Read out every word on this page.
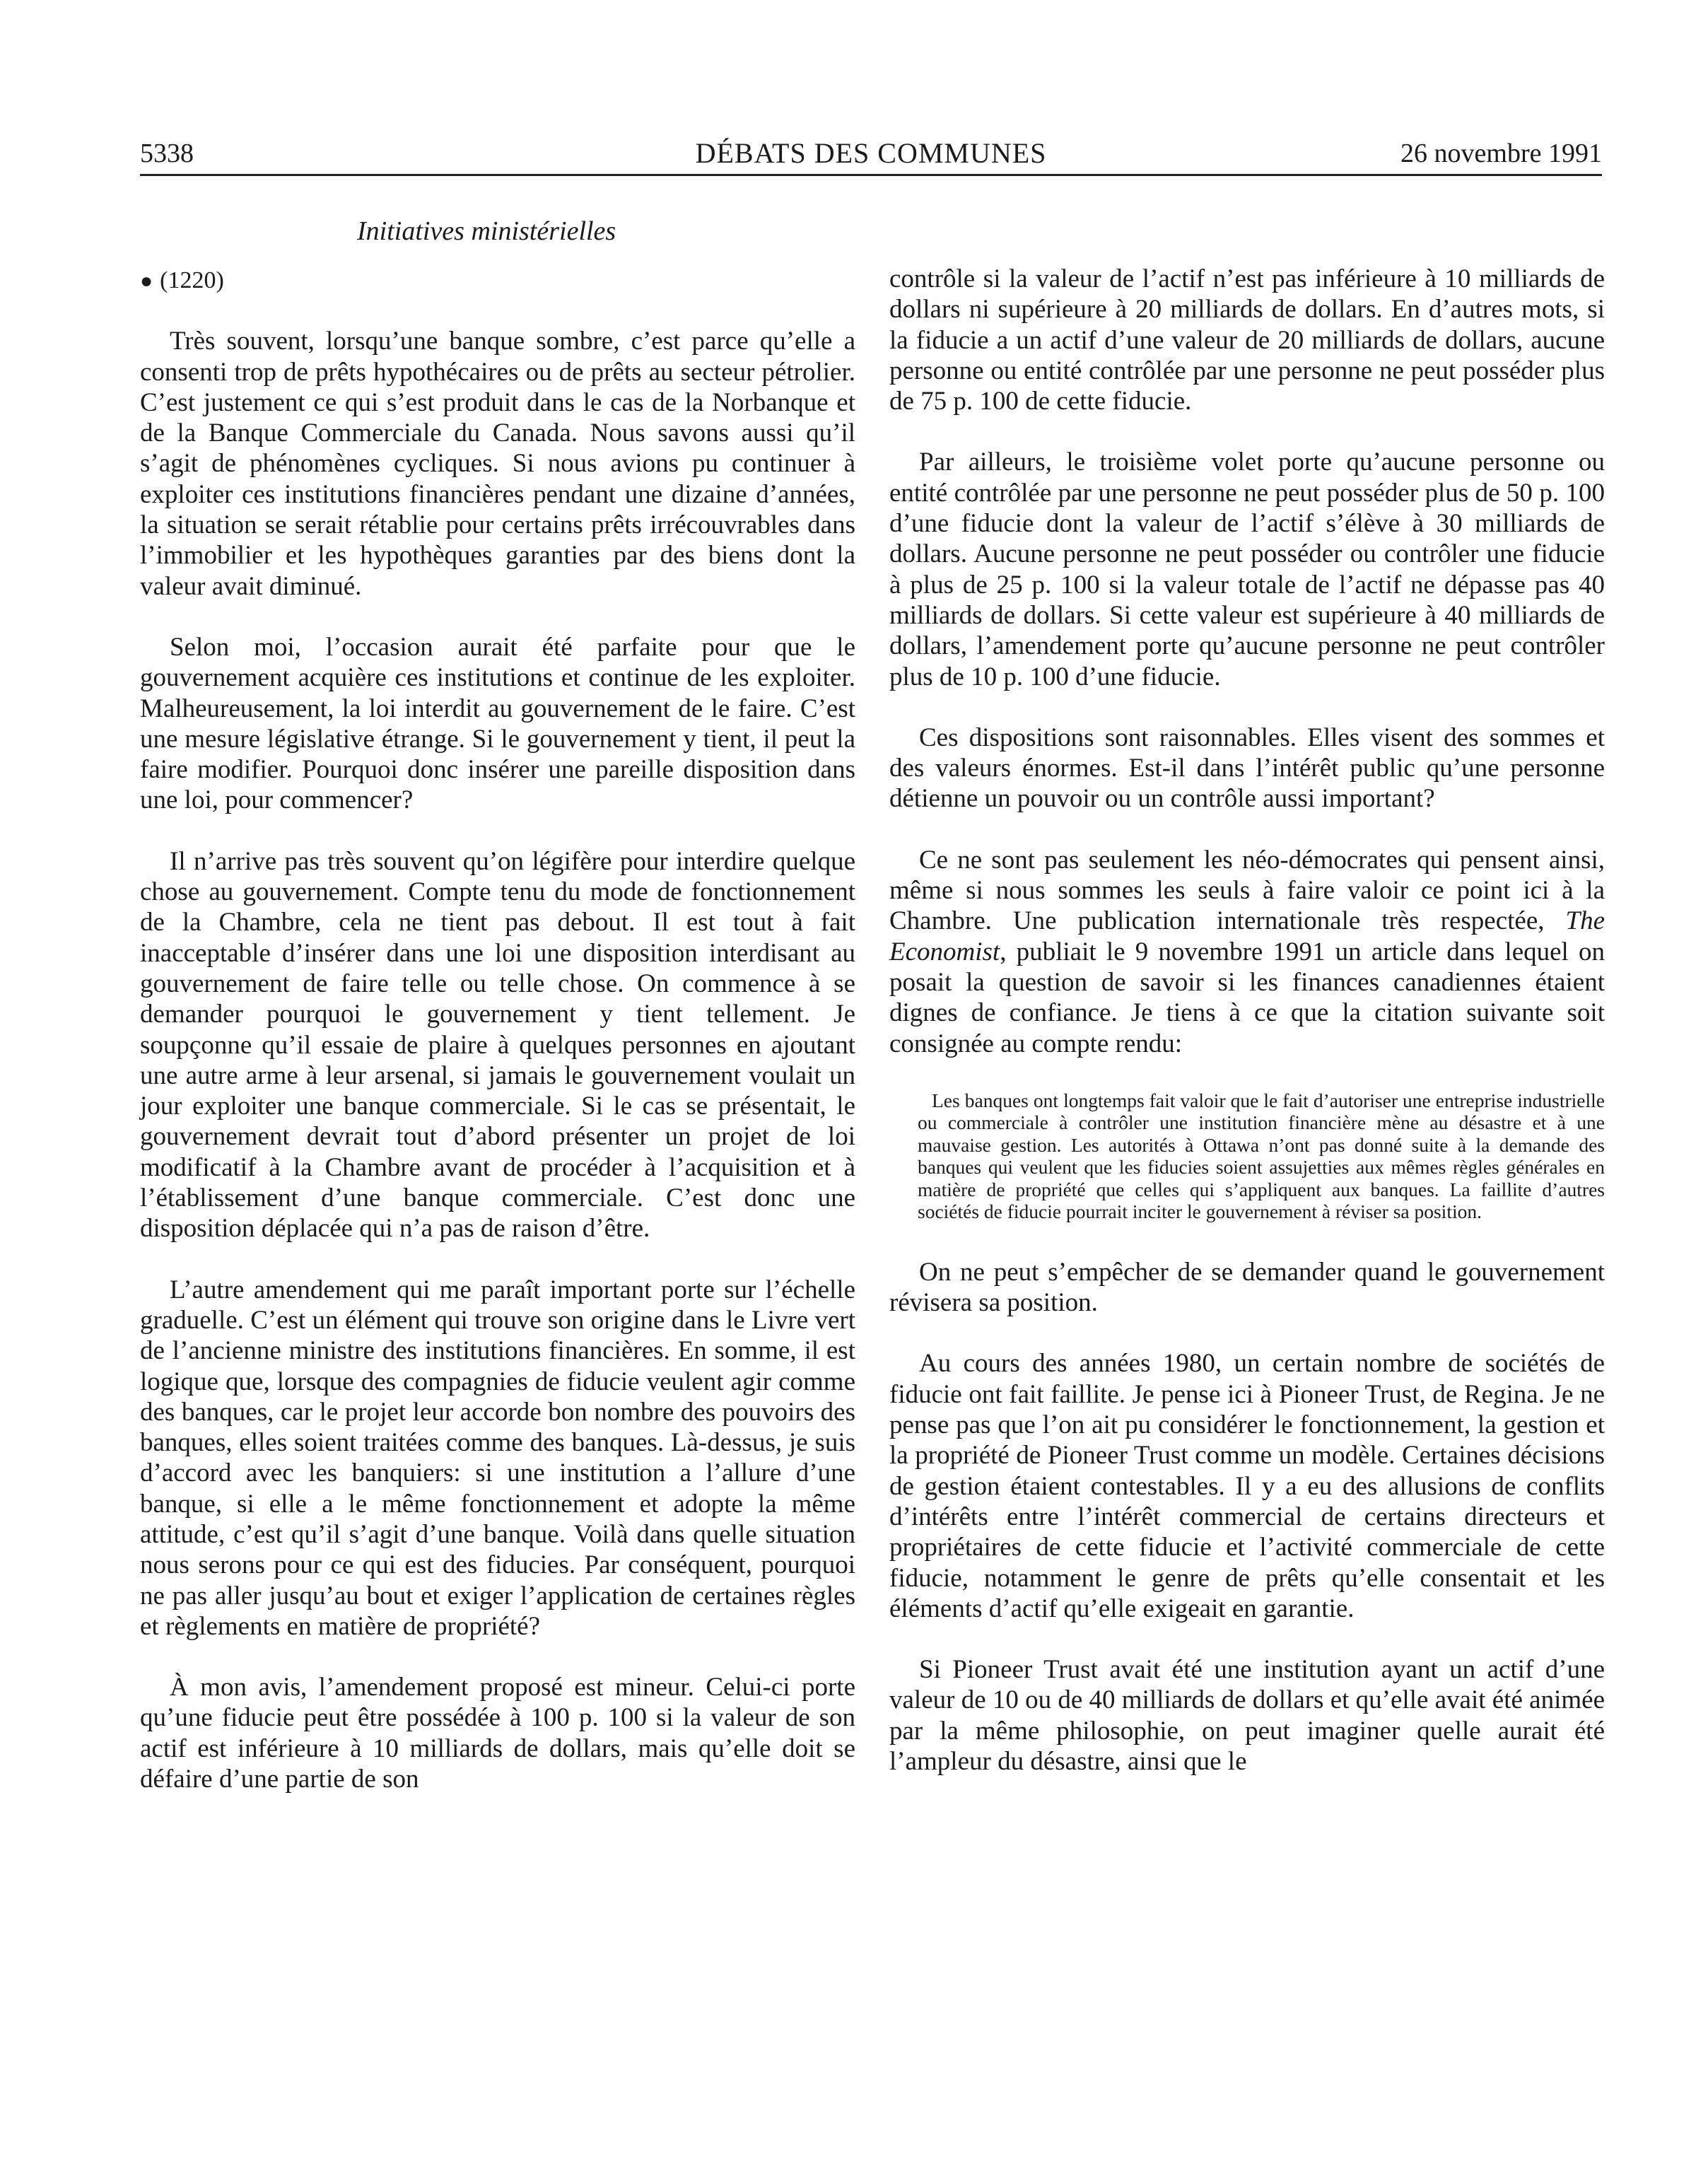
5338	DÉBATS DES COMMUNES	26 novembre 1991
Initiatives ministérielles
● (1220)

Très souvent, lorsqu’une banque sombre, c’est parce qu’elle a consenti trop de prêts hypothécaires ou de prêts au secteur pétrolier. C’est justement ce qui s’est produit dans le cas de la Norbanque et de la Banque Commerciale du Canada. Nous savons aussi qu’il s’agit de phénomènes cycliques. Si nous avions pu continuer à exploiter ces institutions financières pendant une dizaine d’années, la situation se serait rétablie pour certains prêts irrécouvrables dans l’immobilier et les hypothèques garanties par des biens dont la valeur avait diminué.

Selon moi, l’occasion aurait été parfaite pour que le gouvernement acquière ces institutions et continue de les exploiter. Malheureusement, la loi interdit au gouvernement de le faire. C’est une mesure législative étrange. Si le gouvernement y tient, il peut la faire modifier. Pourquoi donc insérer une pareille disposition dans une loi, pour commencer?

Il n’arrive pas très souvent qu’on légifère pour interdire quelque chose au gouvernement. Compte tenu du mode de fonctionnement de la Chambre, cela ne tient pas debout. Il est tout à fait inacceptable d’insérer dans une loi une disposition interdisant au gouvernement de faire telle ou telle chose. On commence à se demander pourquoi le gouvernement y tient tellement. Je soupçonne qu’il essaie de plaire à quelques personnes en ajoutant une autre arme à leur arsenal, si jamais le gouvernement voulait un jour exploiter une banque commerciale. Si le cas se présentait, le gouvernement devrait tout d’abord présenter un projet de loi modificatif à la Chambre avant de procéder à l’acquisition et à l’établissement d’une banque commerciale. C’est donc une disposition déplacée qui n’a pas de raison d’être.

L’autre amendement qui me paraît important porte sur l’échelle graduelle. C’est un élément qui trouve son origine dans le Livre vert de l’ancienne ministre des institutions financières. En somme, il est logique que, lorsque des compagnies de fiducie veulent agir comme des banques, car le projet leur accorde bon nombre des pouvoirs des banques, elles soient traitées comme des banques. Là-dessus, je suis d’accord avec les banquiers: si une institution a l’allure d’une banque, si elle a le même fonctionnement et adopte la même attitude, c’est qu’il s’agit d’une banque. Voilà dans quelle situation nous serons pour ce qui est des fiducies. Par conséquent, pourquoi ne pas aller jusqu’au bout et exiger l’application de certaines règles et règlements en matière de propriété?

À mon avis, l’amendement proposé est mineur. Celui-ci porte qu’une fiducie peut être possédée à 100 p. 100 si la valeur de son actif est inférieure à 10 milliards de dollars, mais qu’elle doit se défaire d’une partie de son

contrôle si la valeur de l’actif n’est pas inférieure à 10 milliards de dollars ni supérieure à 20 milliards de dollars. En d’autres mots, si la fiducie a un actif d’une valeur de 20 milliards de dollars, aucune personne ou entité contrôlée par une personne ne peut posséder plus de 75 p. 100 de cette fiducie.

Par ailleurs, le troisième volet porte qu’aucune personne ou entité contrôlée par une personne ne peut posséder plus de 50 p. 100 d’une fiducie dont la valeur de l’actif s’élève à 30 milliards de dollars. Aucune personne ne peut posséder ou contrôler une fiducie à plus de 25 p. 100 si la valeur totale de l’actif ne dépasse pas 40 milliards de dollars. Si cette valeur est supérieure à 40 milliards de dollars, l’amendement porte qu’aucune personne ne peut contrôler plus de 10 p. 100 d’une fiducie.

Ces dispositions sont raisonnables. Elles visent des sommes et des valeurs énormes. Est-il dans l’intérêt public qu’une personne détienne un pouvoir ou un contrôle aussi important?

Ce ne sont pas seulement les néo-démocrates qui pensent ainsi, même si nous sommes les seuls à faire valoir ce point ici à la Chambre. Une publication internationale très respectée, The Economist, publiait le 9 novembre 1991 un article dans lequel on posait la question de savoir si les finances canadiennes étaient dignes de confiance. Je tiens à ce que la citation suivante soit consignée au compte rendu:

Les banques ont longtemps fait valoir que le fait d’autoriser une entreprise industrielle ou commerciale à contrôler une institution financière mène au désastre et à une mauvaise gestion. Les autorités à Ottawa n’ont pas donné suite à la demande des banques qui veulent que les fiducies soient assujetties aux mêmes règles générales en matière de propriété que celles qui s’appliquent aux banques. La faillite d’autres sociétés de fiducie pourrait inciter le gouvernement à réviser sa position.

On ne peut s’empêcher de se demander quand le gouvernement révisera sa position.

Au cours des années 1980, un certain nombre de sociétés de fiducie ont fait faillite. Je pense ici à Pioneer Trust, de Regina. Je ne pense pas que l’on ait pu considérer le fonctionnement, la gestion et la propriété de Pioneer Trust comme un modèle. Certaines décisions de gestion étaient contestables. Il y a eu des allusions de conflits d’intérêts entre l’intérêt commercial de certains directeurs et propriétaires de cette fiducie et l’activité commerciale de cette fiducie, notamment le genre de prêts qu’elle consentait et les éléments d’actif qu’elle exigeait en garantie.

Si Pioneer Trust avait été une institution ayant un actif d’une valeur de 10 ou de 40 milliards de dollars et qu’elle avait été animée par la même philosophie, on peut imaginer quelle aurait été l’ampleur du désastre, ainsi que le
